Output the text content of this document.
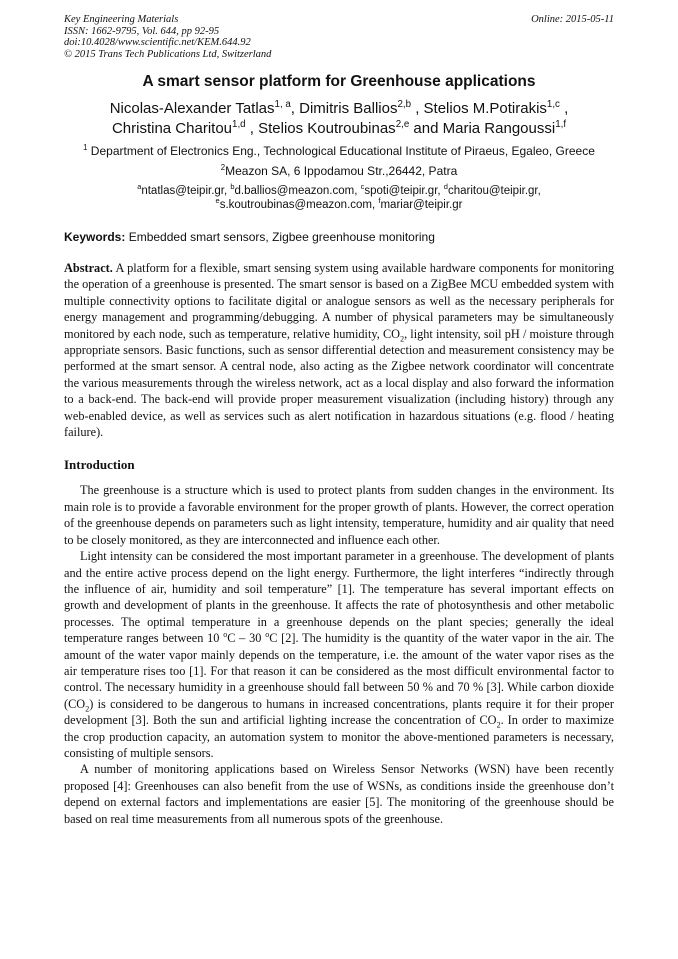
Key Engineering Materials
ISSN: 1662-9795, Vol. 644, pp 92-95
doi:10.4028/www.scientific.net/KEM.644.92
© 2015 Trans Tech Publications Ltd, Switzerland
Online: 2015-05-11
A smart sensor platform for Greenhouse applications
Nicolas-Alexander Tatlas$^{1, a}$, Dimitris Ballios$^{2,b}$ , Stelios M.Potirakis$^{1,c}$ ,
Christina Charitou$^{1,d}$ , Stelios Koutroubinas$^{2,e}$ and Maria Rangoussi$^{1,f}$
$^1$ Department of Electronics Eng., Technological Educational Institute of Piraeus, Egaleo, Greece
$^2$Meazon SA, 6 Ippodamou Str.,26442, Patra
$^a$ntatlas@teipir.gr, $^b$d.ballios@meazon.com, $^c$spoti@teipir.gr, $^d$charitou@teipir.gr,
$^e$s.koutroubinas@meazon.com, $^f$mariar@teipir.gr
Keywords: Embedded smart sensors, Zigbee greenhouse monitoring

Abstract. A platform for a flexible, smart sensing system using available hardware components for monitoring the operation of a greenhouse is presented. The smart sensor is based on a ZigBee MCU embedded system with multiple connectivity options to facilitate digital or analogue sensors as well as the necessary peripherals for energy management and programming/debugging. A number of physical parameters may be simultaneously monitored by each node, such as temperature, relative humidity, $CO_2$, light intensity, soil pH / moisture through appropriate sensors. Basic functions, such as sensor differential detection and measurement consistency may be performed at the smart sensor. A central node, also acting as the Zigbee network coordinator will concentrate the various measurements through the wireless network, act as a local display and also forward the information to a back-end. The back-end will provide proper measurement visualization (including history) through any web-enabled device, as well as services such as alert notification in hazardous situations (e.g. flood / heating failure).

Introduction

The greenhouse is a structure which is used to protect plants from sudden changes in the environment. Its main role is to provide a favorable environment for the proper growth of plants. However, the correct operation of the greenhouse depends on parameters such as light intensity, temperature, humidity and air quality that need to be closely monitored, as they are interconnected and influence each other.

Light intensity can be considered the most important parameter in a greenhouse. The development of plants and the entire active process depend on the light energy. Furthermore, the light interferes “indirectly through the influence of air, humidity and soil temperature” [1]. The temperature has several important effects on growth and development of plants in the greenhouse. It affects the rate of photosynthesis and other metabolic processes. The optimal temperature in a greenhouse depends on the plant species; generally the ideal temperature ranges between 10 $^o$C – 30 $^o$C [2]. The humidity is the quantity of the water vapor in the air. The amount of the water vapor mainly depends on the temperature, i.e. the amount of the water vapor rises as the air temperature rises too [1]. For that reason it can be considered as the most difficult environmental factor to control. The necessary humidity in a greenhouse should fall between 50 % and 70 % [3]. While carbon dioxide $(CO_2)$ is considered to be dangerous to humans in increased concentrations, plants require it for their proper development [3]. Both the sun and artificial lighting increase the concentration of $CO_2$. In order to maximize the crop production capacity, an automation system to monitor the above-mentioned parameters is necessary, consisting of multiple sensors.

A number of monitoring applications based on Wireless Sensor Networks (WSN) have been recently proposed [4]: Greenhouses can also benefit from the use of WSNs, as conditions inside the greenhouse don’t depend on external factors and implementations are easier [5]. The monitoring of the greenhouse should be based on real time measurements from all numerous spots of the greenhouse.
